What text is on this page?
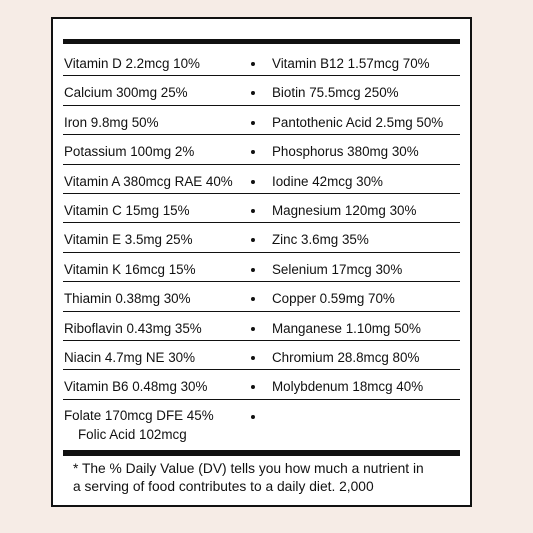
Vitamin D 2.2mcg 10%	Vitamin B12 1.57mcg 70%
Calcium 300mg 25%	Biotin 75.5mcg 250%
Iron 9.8mg 50%	Pantothenic Acid 2.5mg 50%
Potassium 100mg 2%	Phosphorus 380mg 30%
Vitamin A 380mcg RAE 40%	Iodine 42mcg 30%
Vitamin C 15mg 15%	Magnesium 120mg 30%
Vitamin E 3.5mg 25%	Zinc 3.6mg 35%
Vitamin K 16mcg 15%	Selenium 17mcg 30%
Thiamin 0.38mg 30%	Copper 0.59mg 70%
Riboflavin 0.43mg 35%	Manganese 1.10mg 50%
Niacin 4.7mg NE 30%	Chromium 28.8mcg 80%
Vitamin B6 0.48mg 30%	Molybdenum 18mcg 40%
Folate 170mcg DFE 45%
Folic Acid 102mcg
* The % Daily Value (DV) tells you how much a nutrient in
a serving of food contributes to a daily diet. 2,000
